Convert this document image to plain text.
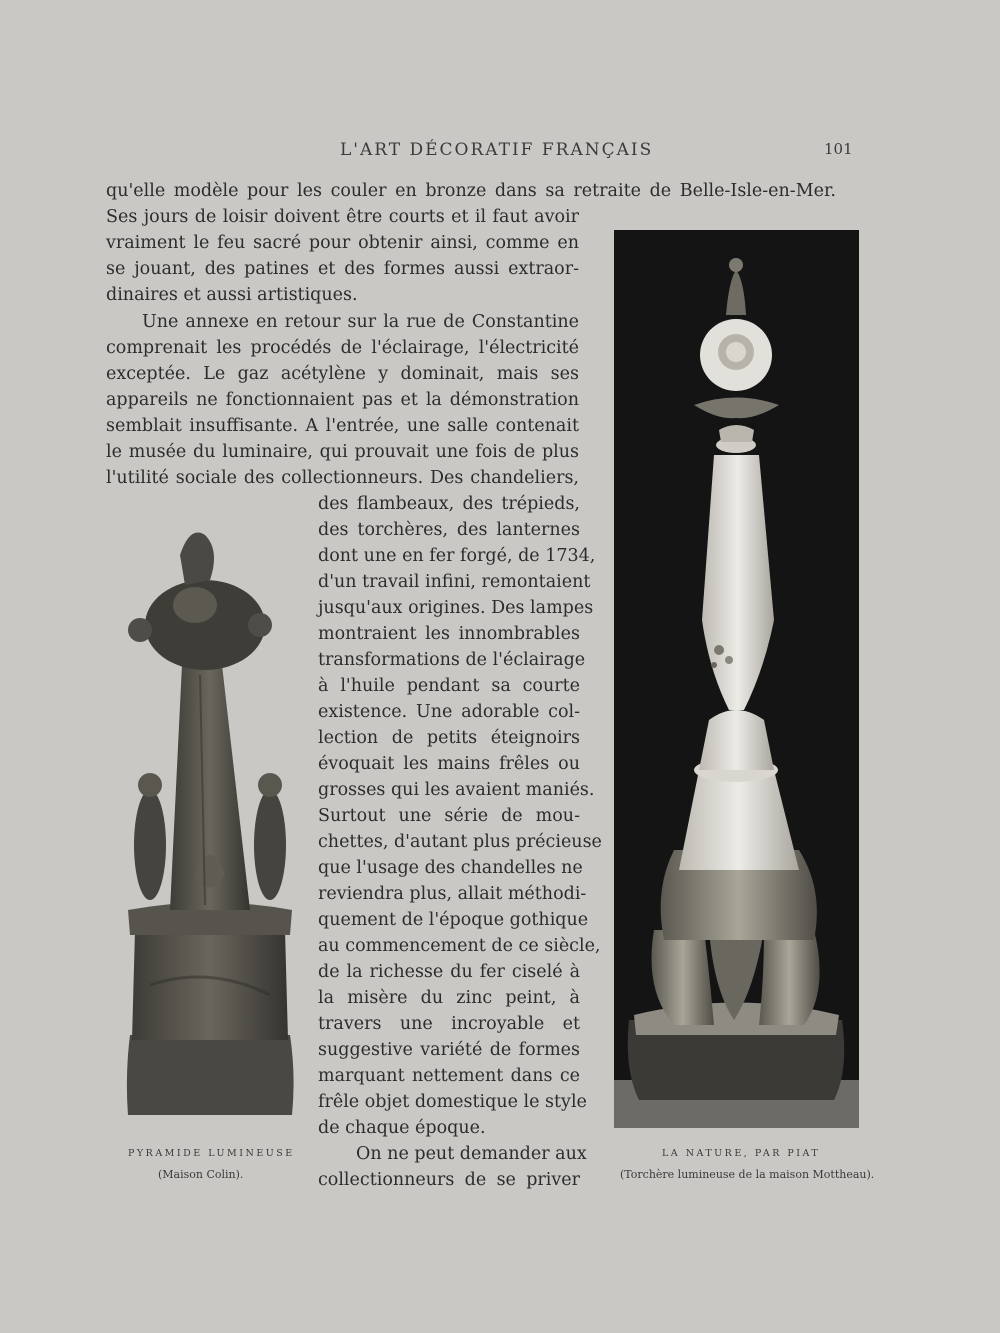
L'ART DÉCORATIF FRANÇAIS	101
qu'elle modèle pour les couler en bronze dans sa retraite de Belle-Isle-en-Mer.
Ses jours de loisir doivent être courts et il faut avoir
vraiment le feu sacré pour obtenir ainsi, comme en
se jouant, des patines et des formes aussi extraor-
dinaires et aussi artistiques.
Une annexe en retour sur la rue de Constantine
comprenait les procédés de l'éclairage, l'électricité
exceptée. Le gaz acétylène y dominait, mais ses
appareils ne fonctionnaient pas et la démonstration
semblait insuffisante. A l'entrée, une salle contenait
le musée du luminaire, qui prouvait une fois de plus
l'utilité sociale des collectionneurs. Des chandeliers,
des flambeaux, des trépieds,
des torchères, des lanternes
dont une en fer forgé, de 1734,
d'un travail infini, remontaient
jusqu'aux origines. Des lampes
montraient les innombrables
transformations de l'éclairage
à l'huile pendant sa courte
existence. Une adorable col-
lection de petits éteignoirs
évoquait les mains frêles ou
grosses qui les avaient maniés.
Surtout une série de mou-
chettes, d'autant plus précieuse
que l'usage des chandelles ne
reviendra plus, allait méthodi-
quement de l'époque gothique
au commencement de ce siècle,
de la richesse du fer ciselé à
la misère du zinc peint, à
travers une incroyable et
suggestive variété de formes
marquant nettement dans ce
frêle objet domestique le style
de chaque époque.
On ne peut demander aux
collectionneurs de se priver
PYRAMIDE LUMINEUSE
(Maison Colin).
LA NATURE, PAR PIAT
(Torchère lumineuse de la maison Mottheau).
